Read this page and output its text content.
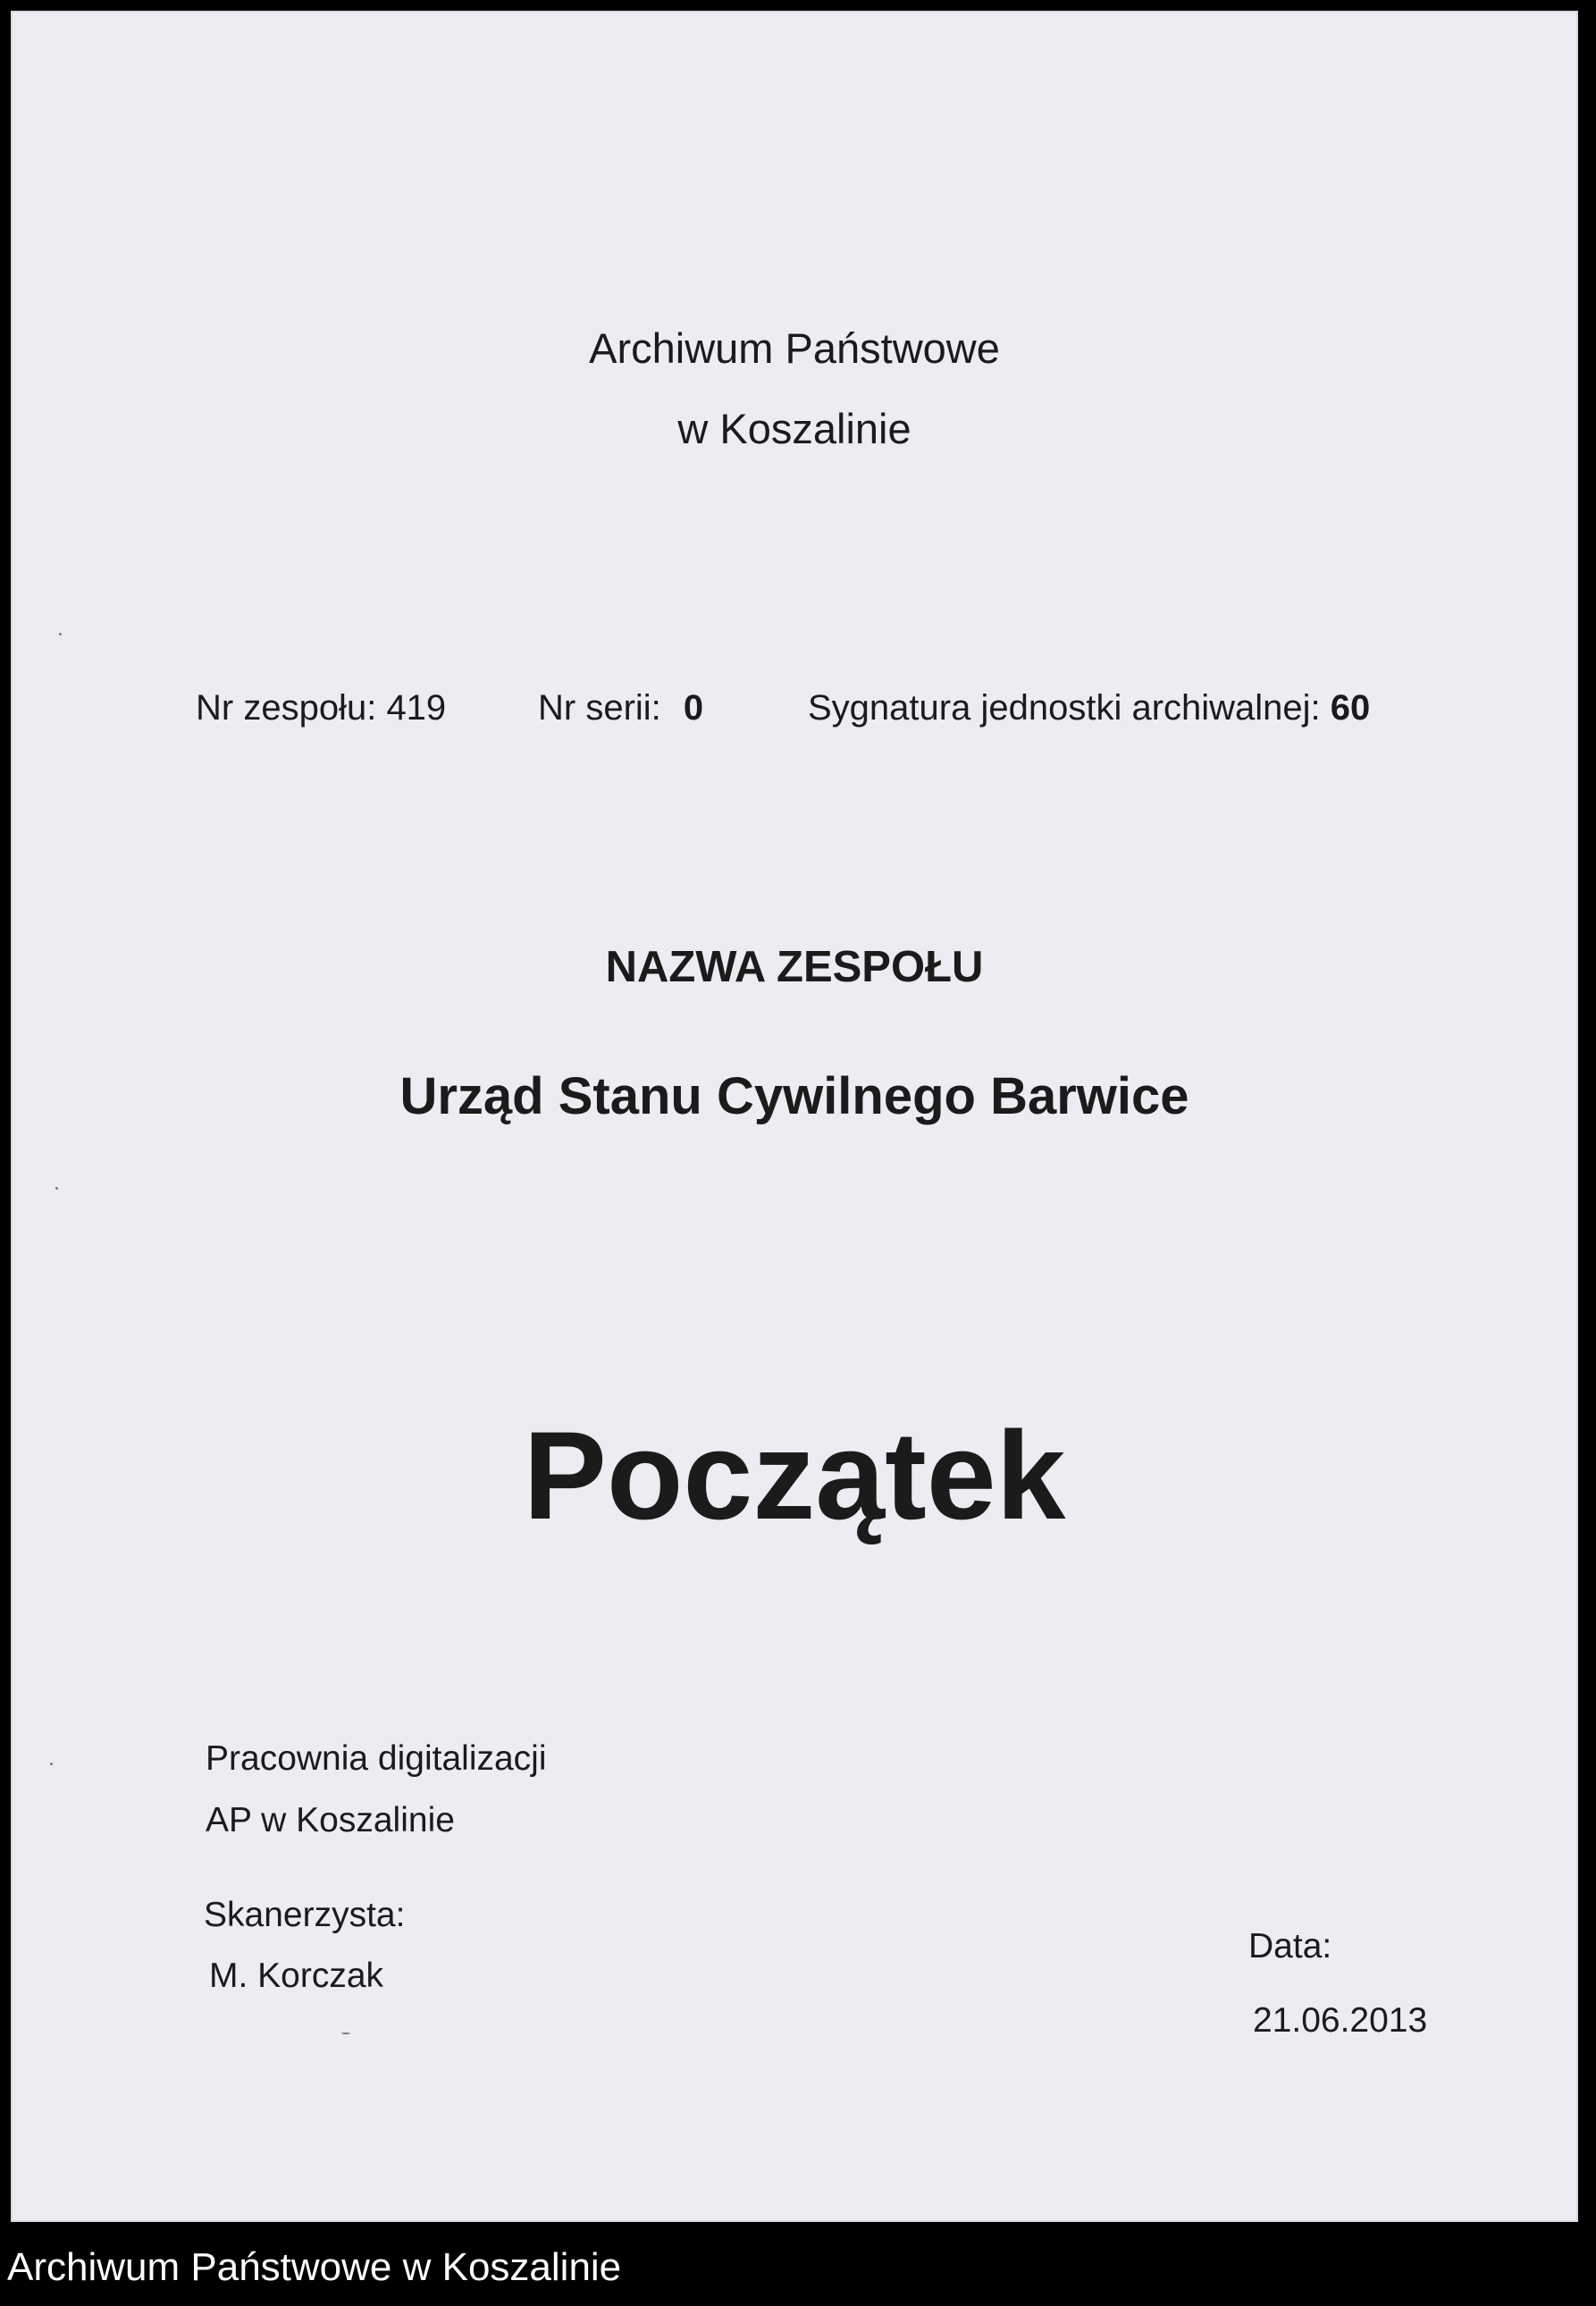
Archiwum Państwowe
w Koszalinie
Nr zespołu: 419	Nr serii: 0	Sygnatura jednostki archiwalnej: 60
NAZWA ZESPOŁU
Urząd Stanu Cywilnego Barwice
Początek
Pracownia digitalizacji
AP w Koszalinie
Skanerzysta:
M. Korczak
Data:
21.06.2013
Archiwum Państwowe w Koszalinie
